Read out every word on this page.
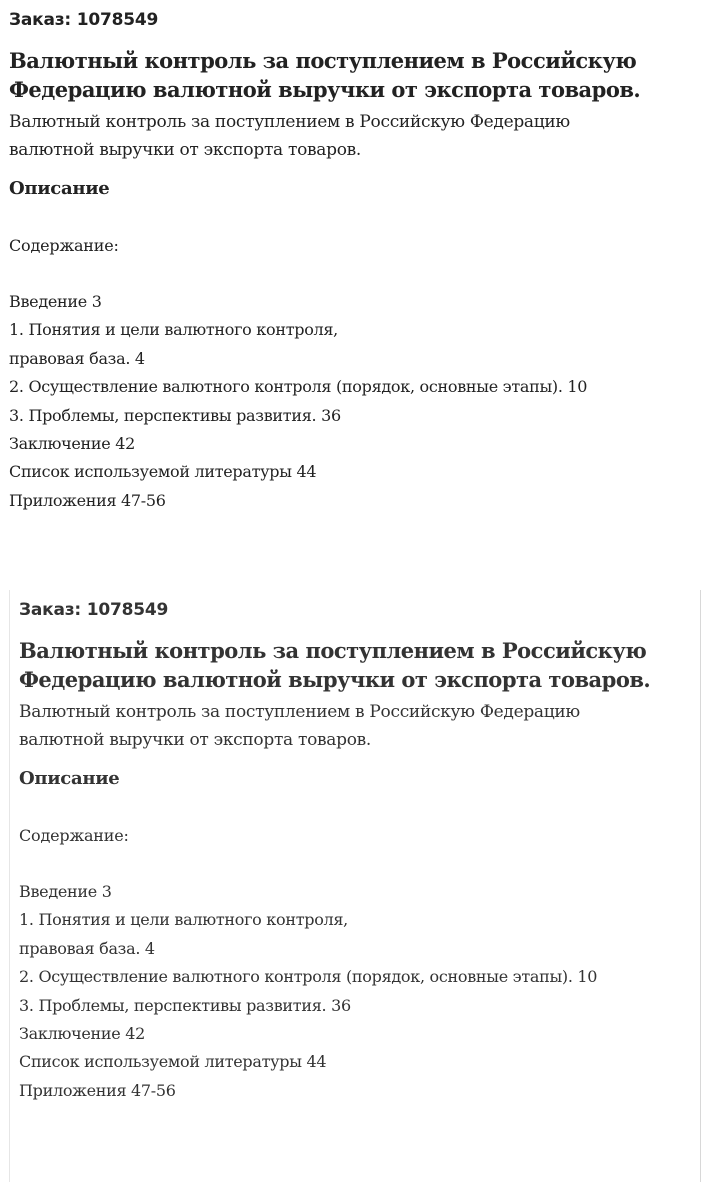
Заказ: 1078549
Валютный контроль за поступлением в Российскую
Федерацию валютной выручки от экспорта товаров.

Валютный контроль за поступлением в Российскую Федерацию
валютной выручки от экспорта товаров.

Описание
Содержание:
Введение 3
1. Понятия и цели валютного контроля,
правовая база. 4
2. Осуществление валютного контроля (порядок, основные этапы). 10
3. Проблемы, перспективы развития. 36
Заключение 42
Список используемой литературы 44
Приложения 47-56
Заказ: 1078549
Валютный контроль за поступлением в Российскую
Федерацию валютной выручки от экспорта товаров.

Валютный контроль за поступлением в Российскую Федерацию
валютной выручки от экспорта товаров.

Описание
Содержание:
Введение 3
1. Понятия и цели валютного контроля,
правовая база. 4
2. Осуществление валютного контроля (порядок, основные этапы). 10
3. Проблемы, перспективы развития. 36
Заключение 42
Список используемой литературы 44
Приложения 47-56
